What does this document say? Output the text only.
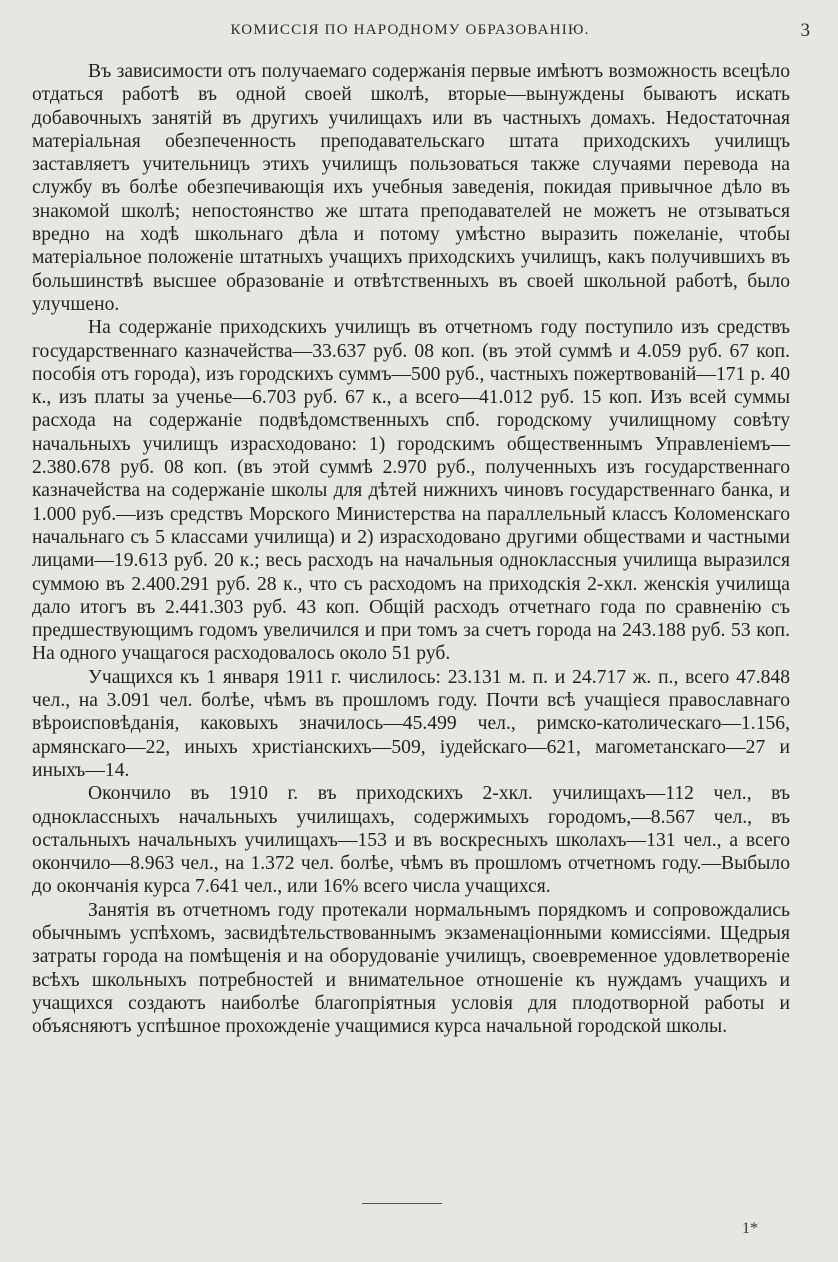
КОМИССІЯ ПО НАРОДНОМУ ОБРАЗОВАНІЮ.	3

Въ зависимости отъ получаемаго содержанія первые имѣютъ возможность всецѣло отдаться работѣ въ одной своей школѣ, вторые—вынуждены бываютъ искать добавочныхъ занятій въ другихъ училищахъ или въ частныхъ домахъ. Недостаточная матеріальная обезпеченность преподавательскаго штата приходскихъ училищъ заставляетъ учительницъ этихъ училищъ пользоваться также случаями перевода на службу въ болѣе обезпечивающія ихъ учебныя заведенія, покидая привычное дѣло въ знакомой школѣ; непостоянство же штата преподавателей не можетъ не отзываться вредно на ходѣ школьнаго дѣла и потому умѣстно выразить пожеланіе, чтобы матеріальное положеніе штатныхъ учащихъ приходскихъ училищъ, какъ получившихъ въ большинствѣ высшее образованіе и отвѣтственныхъ въ своей школьной работѣ, было улучшено.

На содержаніе приходскихъ училищъ въ отчетномъ году поступило изъ средствъ государственнаго казначейства—33.637 руб. 08 коп. (въ этой суммѣ и 4.059 руб. 67 коп. пособія отъ города), изъ городскихъ суммъ—500 руб., частныхъ пожертвованій—171 р. 40 к., изъ платы за ученье—6.703 руб. 67 к., а всего—41.012 руб. 15 коп. Изъ всей суммы расхода на содержаніе подвѣдомственныхъ спб. городскому училищному совѣту начальныхъ училищъ израсходовано: 1) городскимъ общественнымъ Управленіемъ—2.380.678 руб. 08 коп. (въ этой суммѣ 2.970 руб., полученныхъ изъ государственнаго казначейства на содержаніе школы для дѣтей нижнихъ чиновъ государственнаго банка, и 1.000 руб.—изъ средствъ Морского Министерства на параллельный классъ Коломенскаго начальнаго съ 5 классами училища) и 2) израсходовано другими обществами и частными лицами—19.613 руб. 20 к.; весь расходъ на начальныя одноклассныя училища выразился суммою въ 2.400.291 руб. 28 к., что съ расходомъ на приходскія 2-хкл. женскія училища дало итогъ въ 2.441.303 руб. 43 коп. Общій расходъ отчетнаго года по сравненію съ предшествующимъ годомъ увеличился и при томъ за счетъ города на 243.188 руб. 53 коп. На одного учащагося расходовалось около 51 руб.

Учащихся къ 1 января 1911 г. числилось: 23.131 м. п. и 24.717 ж. п., всего 47.848 чел., на 3.091 чел. болѣе, чѣмъ въ прошломъ году. Почти всѣ учащіеся православнаго вѣроисповѣданія, каковыхъ значилось—45.499 чел., римско-католическаго—1.156, армянскаго—22, иныхъ христіанскихъ—509, іудейскаго—621, магометанскаго—27 и иныхъ—14.

Окончило въ 1910 г. въ приходскихъ 2-хкл. училищахъ—112 чел., въ одноклассныхъ начальныхъ училищахъ, содержимыхъ городомъ,—8.567 чел., въ остальныхъ начальныхъ училищахъ—153 и въ воскресныхъ школахъ—131 чел., а всего окончило—8.963 чел., на 1.372 чел. болѣе, чѣмъ въ прошломъ отчетномъ году.—Выбыло до окончанія курса 7.641 чел., или 16% всего числа учащихся.

Занятія въ отчетномъ году протекали нормальнымъ порядкомъ и сопровождались обычнымъ успѣхомъ, засвидѣтельствованнымъ экзаменаціонными комиссіями. Щедрыя затраты города на помѣщенія и на оборудованіе училищъ, своевременное удовлетвореніе всѣхъ школьныхъ потребностей и внимательное отношеніе къ нуждамъ учащихъ и учащихся создаютъ наиболѣе благопріятныя условія для плодотворной работы и объясняютъ успѣшное прохожденіе учащимися курса начальной городской школы.

1*
